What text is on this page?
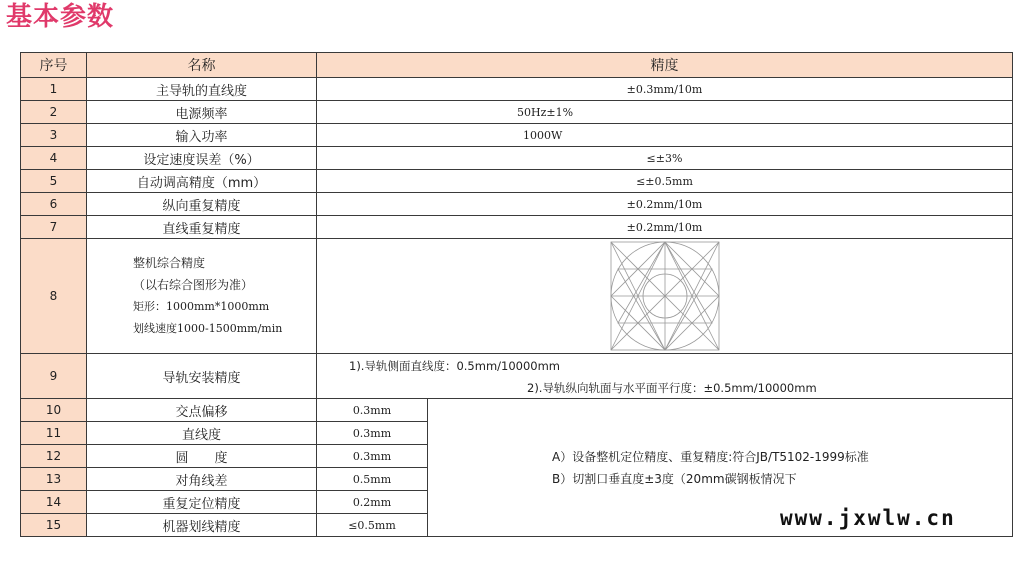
基本参数
序号	名称	精度	
1	主导轨的直线度	±0.3mm/10m	
2	电源频率	50Hz±1%	
3	输入功率	1000W	
4	设定速度误差（%）	≤±3%	
5	自动调高精度（mm）	≤±0.5mm	
6	纵向重复精度	±0.2mm/10m	
7	直线重复精度	±0.2mm/10m	
8	整机综合精度
（以右综合图形为准）
矩形：1000mm*1000mm
划线速度1000-1500mm/min

9	导轨安装精度	1).导轨侧面直线度：0.5mm/10000mm
2).导轨纵向轨面与水平面平行度：±0.5mm/10000mm	

10	交点偏移	0.3mm	A）设备整机定位精度、重复精度:符合JB/T5102-1999标准
B）切割口垂直度±3度（20mm碳钢板情况下

11	直线度	0.3mm	
12	圆　　度	0.3mm	
13	对角线差	0.5mm	
14	重复定位精度	0.2mm	
15	机器划线精度	≤0.5mm		www.jxwlw.cn
